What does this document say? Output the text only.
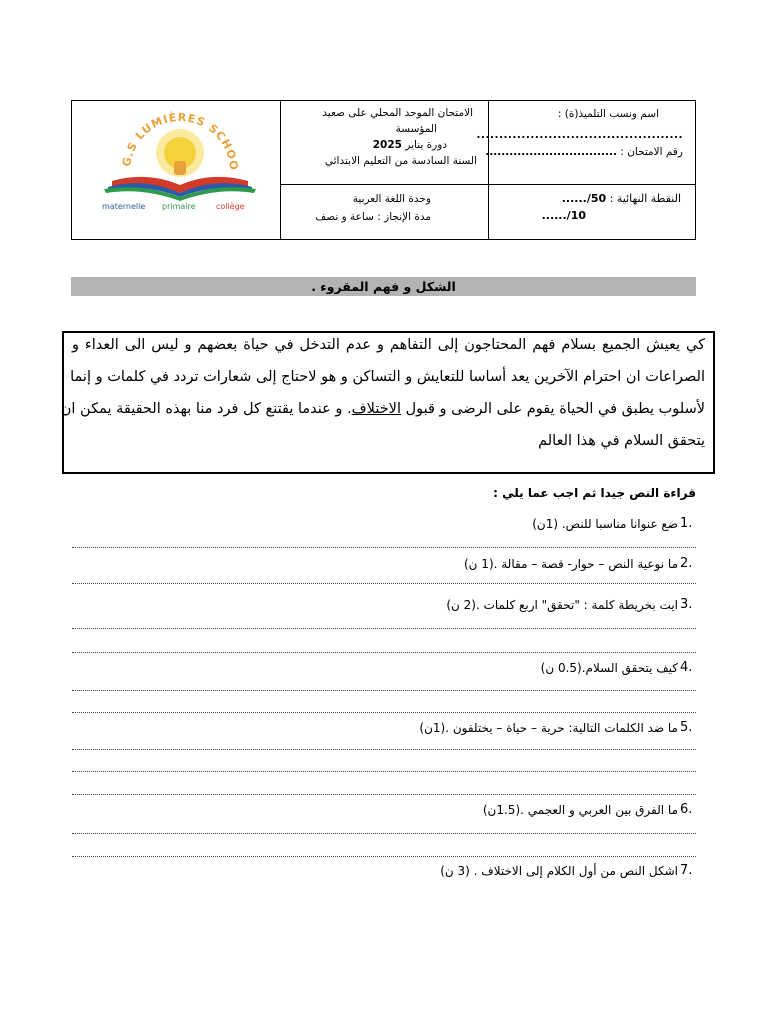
اسم ونسب التلميذ(ة) :
..............................................
رقم الامتحان : .................................
الامتحان الموحد المحلي على صعيد
المؤسسة
دورة يناير 2025
السنة السادسة من التعليم الابتدائي
النقطة النهائية : 50/......
10/......
وحدة اللغة العربية
مدة الإنجاز : ساعة و نصف
G.S LUMIÈRES SCHOO
maternelle primaire	collège
الشكل و فهم المقروء .
كي يعيش الجميع بسلام فهم المحتاجون إلى التفاهم و عدم التدخل في حياة بعضهم و ليس الى العداء و
الصراعات ان احترام الآخرين يعد أساسا للتعايش و التساكن و هو لاحتاج إلى شعارات تردد في كلمات و إنما
لأسلوب يطبق في الحياة يقوم على الرضى و قبول الاختلاف. و عندما يقتنع كل فرد منا بهذه الحقيقة يمكن ان
يتحقق السلام في هذا العالم
قراءة النص جيدا ثم اجب عما يلي :
ضع عنوانا مناسبا للنص. (1ن) 1.
ما نوعية النص – حوار- قصة – مقالة .(1 ن) 2.
ايت بخريطة كلمة : "تحقق" اربع كلمات .(2 ن) 3.
كيف يتحقق السلام.(0.5 ن) 4.
ما ضد الكلمات التالية: حرية – حياة – يختلفون .(1ن) 5.
ما الفرق بين العربي و العجمي .(1.5ن) 6.
اشكل النص من أول الكلام إلى الاختلاف . (3 ن) 7.
